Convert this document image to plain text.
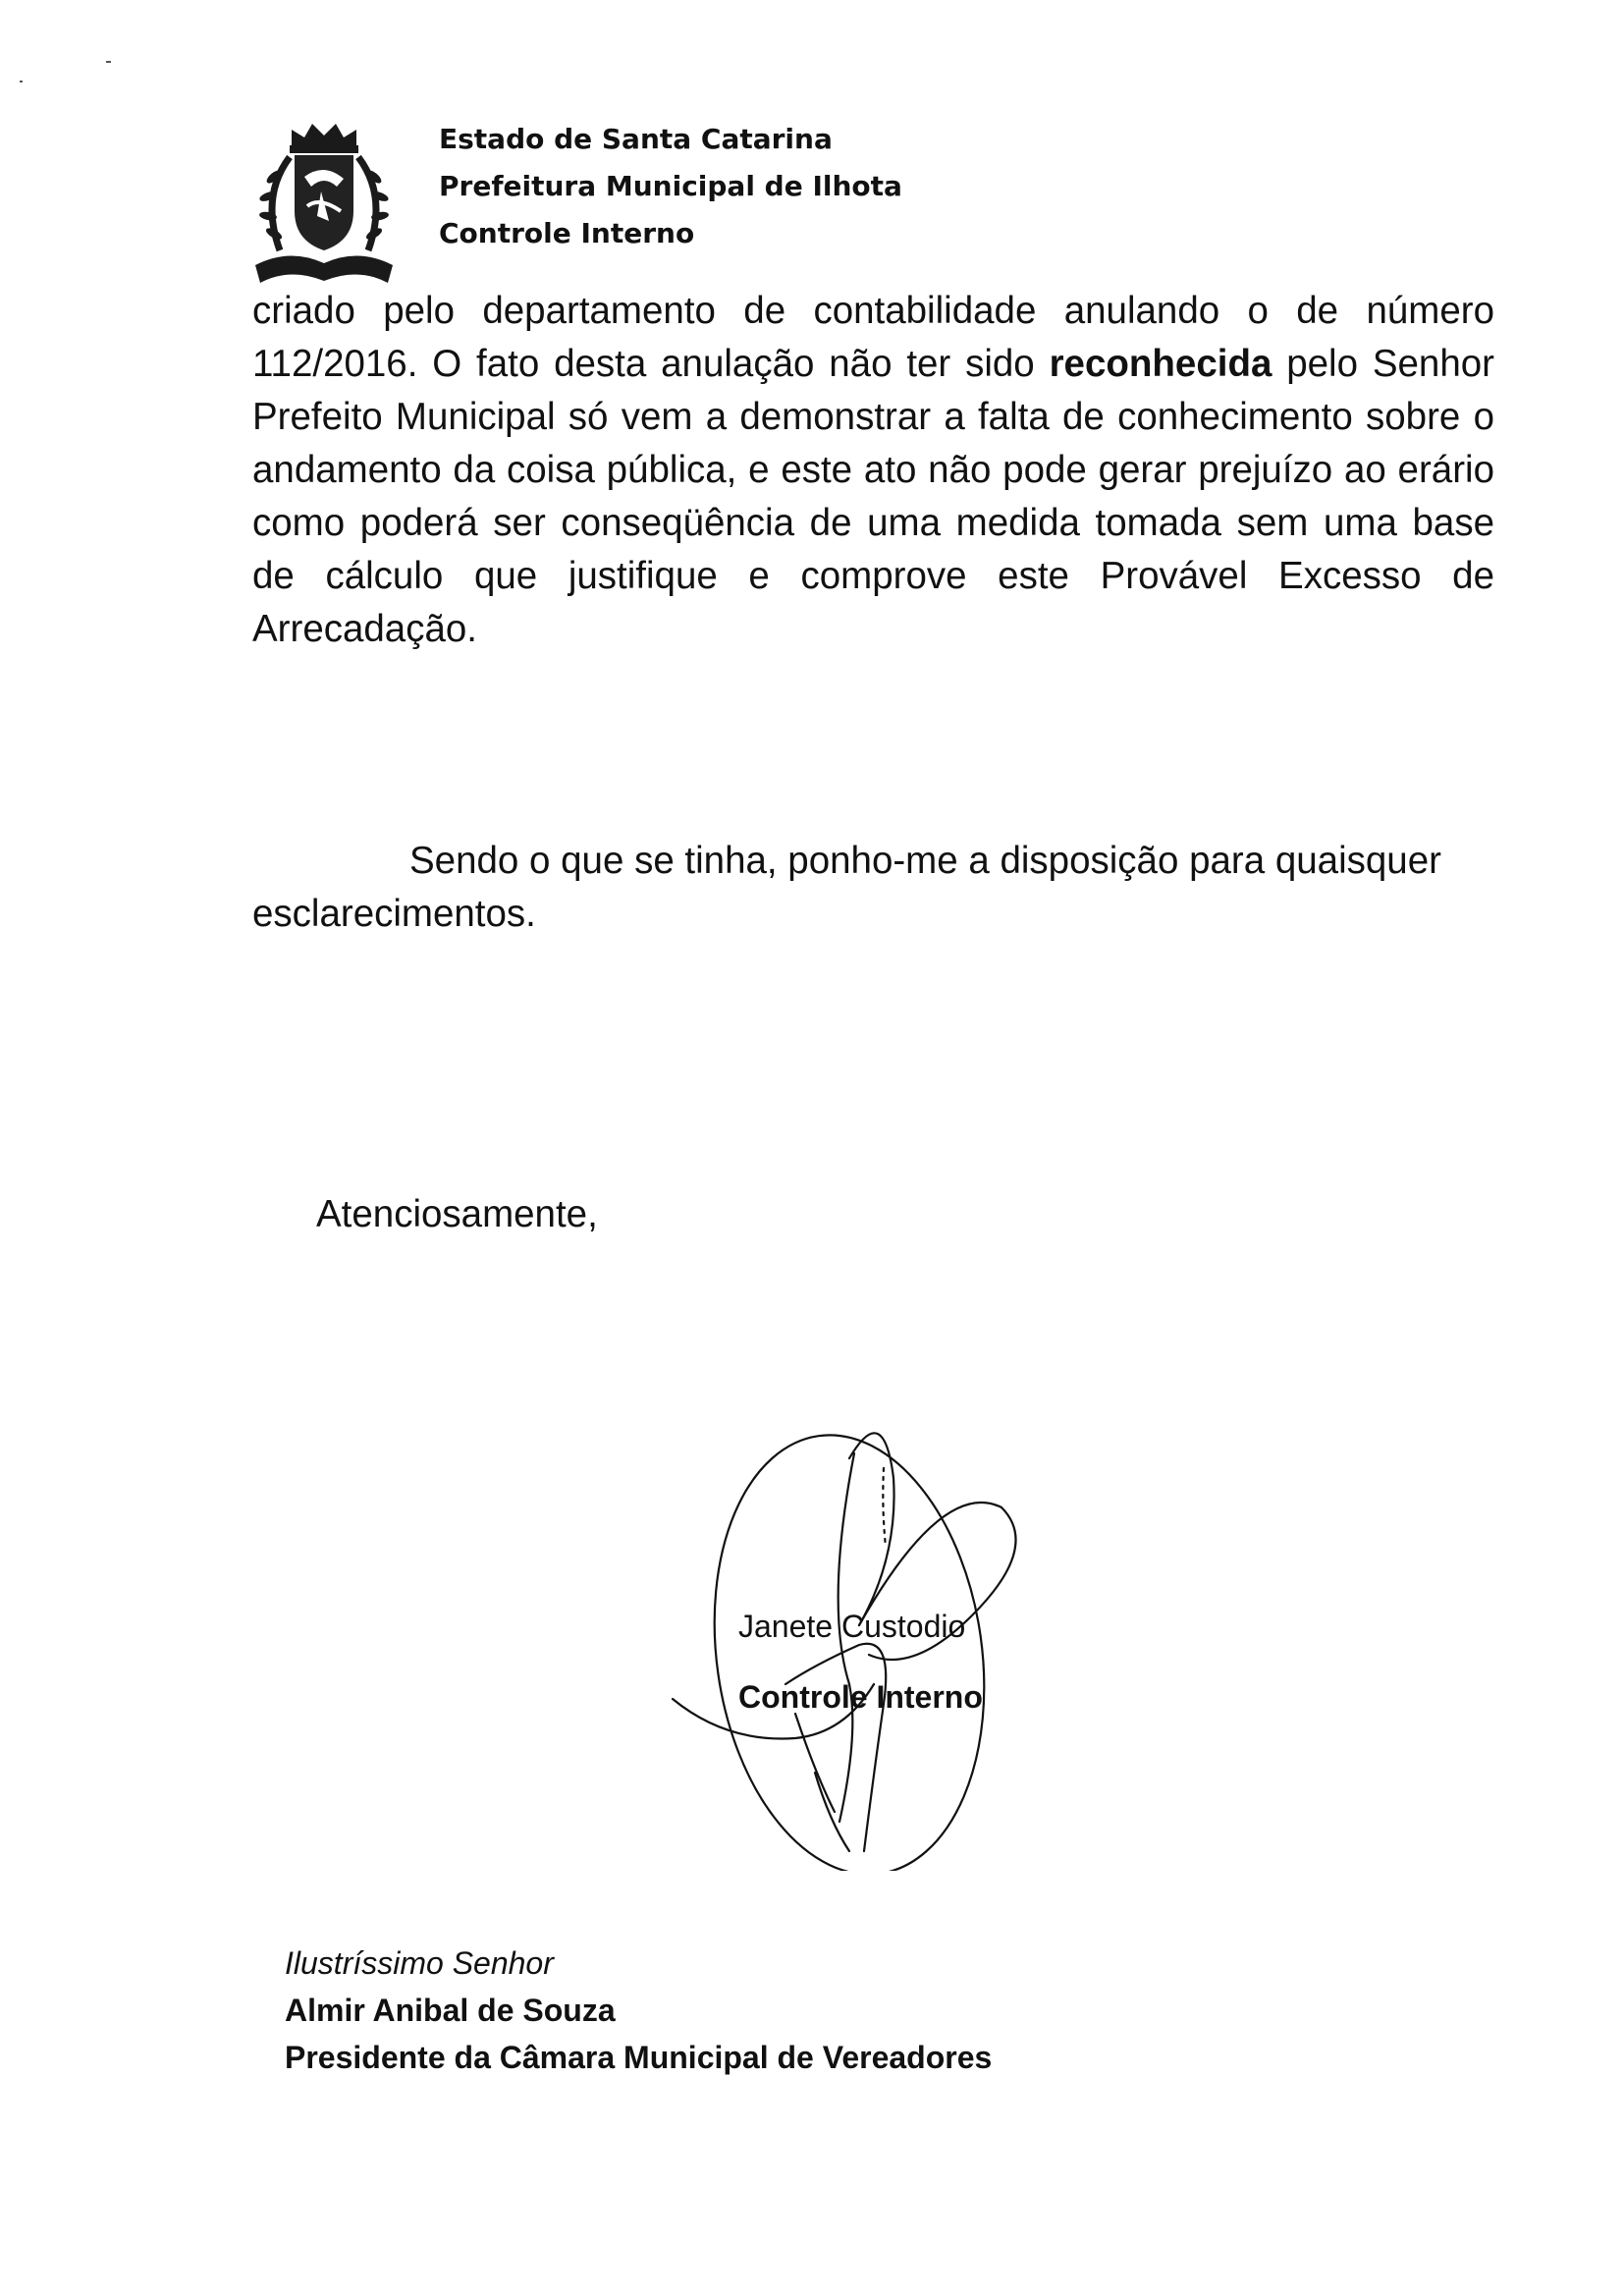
Estado de Santa Catarina
Prefeitura Municipal de Ilhota
Controle Interno

criado pelo departamento de contabilidade anulando o de número 112/2016. O fato desta anulação não ter sido reconhecida pelo Senhor Prefeito Municipal só vem a demonstrar a falta de conhecimento sobre o andamento da coisa pública, e este ato não pode gerar prejuízo ao erário como poderá ser conseqüência de uma medida tomada sem uma base de cálculo que justifique e comprove este Provável Excesso de Arrecadação.

Sendo o que se tinha, ponho-me a disposição para quaisquer
esclarecimentos.
Atenciosamente,
Janete Custodio
Controle Interno
Ilustríssimo Senhor
Almir Anibal de Souza
Presidente da Câmara Municipal de Vereadores
